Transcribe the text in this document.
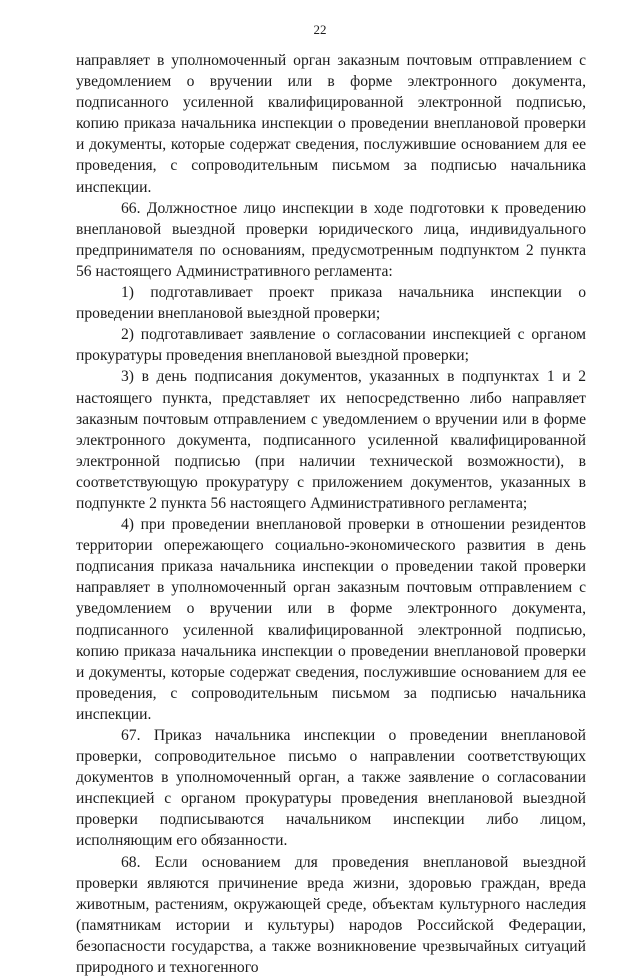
22

направляет в уполномоченный орган заказным почтовым отправлением с уведомлением о вручении или в форме электронного документа, подписанного усиленной квалифицированной электронной подписью, копию приказа начальника инспекции о проведении внеплановой проверки и документы, которые содержат сведения, послужившие основанием для ее проведения, с сопроводительным письмом за подписью начальника инспекции.

66. Должностное лицо инспекции в ходе подготовки к проведению внеплановой выездной проверки юридического лица, индивидуального предпринимателя по основаниям, предусмотренным подпунктом 2 пункта 56 настоящего Административного регламента:

1) подготавливает проект приказа начальника инспекции о проведении внеплановой выездной проверки;

2) подготавливает заявление о согласовании инспекцией с органом прокуратуры проведения внеплановой выездной проверки;

3) в день подписания документов, указанных в подпунктах 1 и 2 настоящего пункта, представляет их непосредственно либо направляет заказным почтовым отправлением с уведомлением о вручении или в форме электронного документа, подписанного усиленной квалифицированной электронной подписью (при наличии технической возможности), в соответствующую прокуратуру с приложением документов, указанных в подпункте 2 пункта 56 настоящего Административного регламента;

4) при проведении внеплановой проверки в отношении резидентов территории опережающего социально-экономического развития в день подписания приказа начальника инспекции о проведении такой проверки направляет в уполномоченный орган заказным почтовым отправлением с уведомлением о вручении или в форме электронного документа, подписанного усиленной квалифицированной электронной подписью, копию приказа начальника инспекции о проведении внеплановой проверки и документы, которые содержат сведения, послужившие основанием для ее проведения, с сопроводительным письмом за подписью начальника инспекции.

67. Приказ начальника инспекции о проведении внеплановой проверки, сопроводительное письмо о направлении соответствующих документов в уполномоченный орган, а также заявление о согласовании инспекцией с органом прокуратуры проведения внеплановой выездной проверки подписываются начальником инспекции либо лицом, исполняющим его обязанности.

68. Если основанием для проведения внеплановой выездной проверки являются причинение вреда жизни, здоровью граждан, вреда животным, растениям, окружающей среде, объектам культурного наследия (памятникам истории и культуры) народов Российской Федерации, безопасности государства, а также возникновение чрезвычайных ситуаций природного и техногенного
